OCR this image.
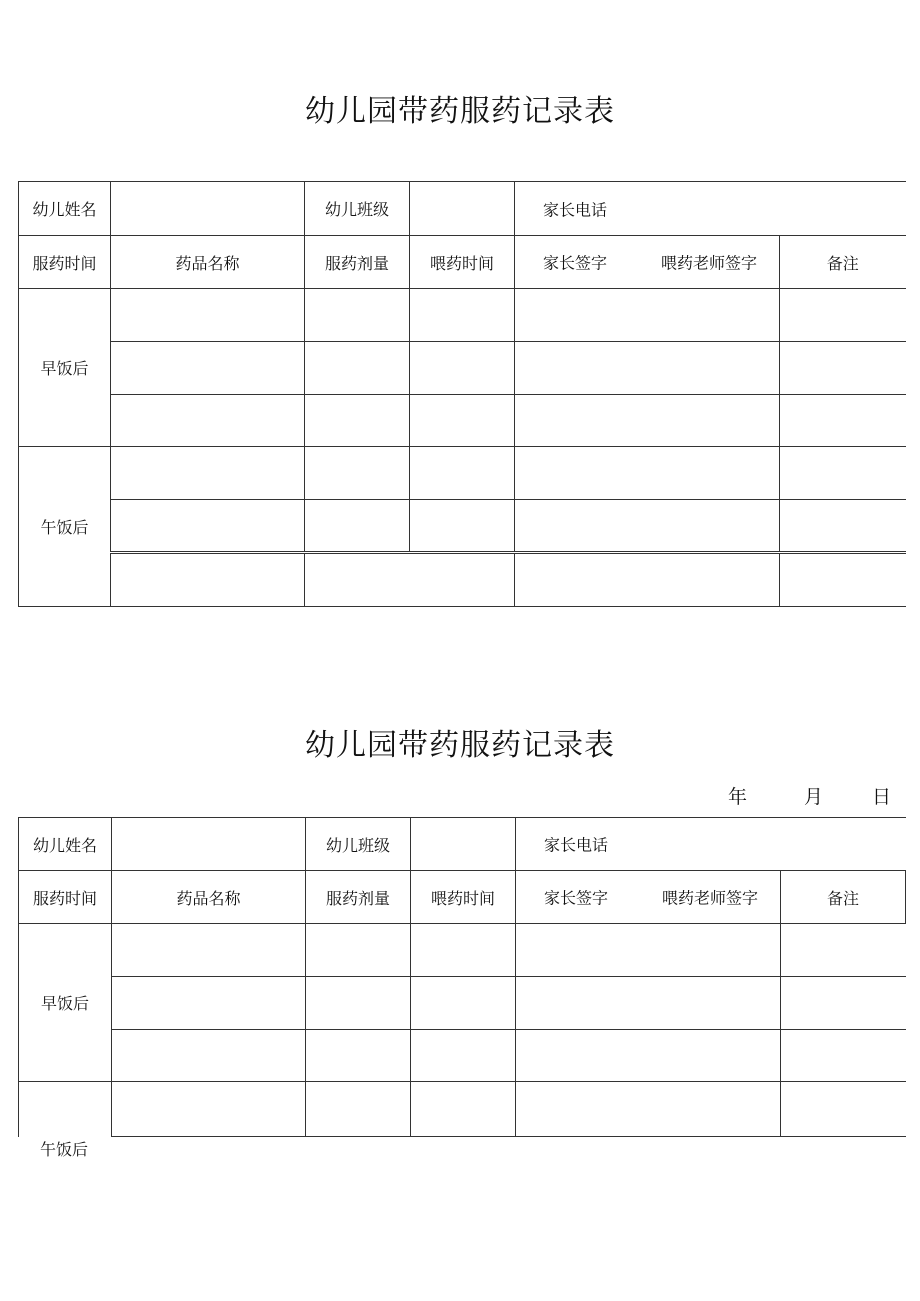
幼儿园带药服药记录表
幼儿姓名		幼儿班级		家长电话	

服药时间	药品名称	服药剂量	喂药时间	家长签字 喂药老师签字	备注
早饭后					

午饭后					

幼儿园带药服药记录表
年	月	日
幼儿姓名		幼儿班级		家长电话	

服药时间	药品名称	服药剂量	喂药时间	家长签字 喂药老师签字	备注
早饭后					

午饭后
